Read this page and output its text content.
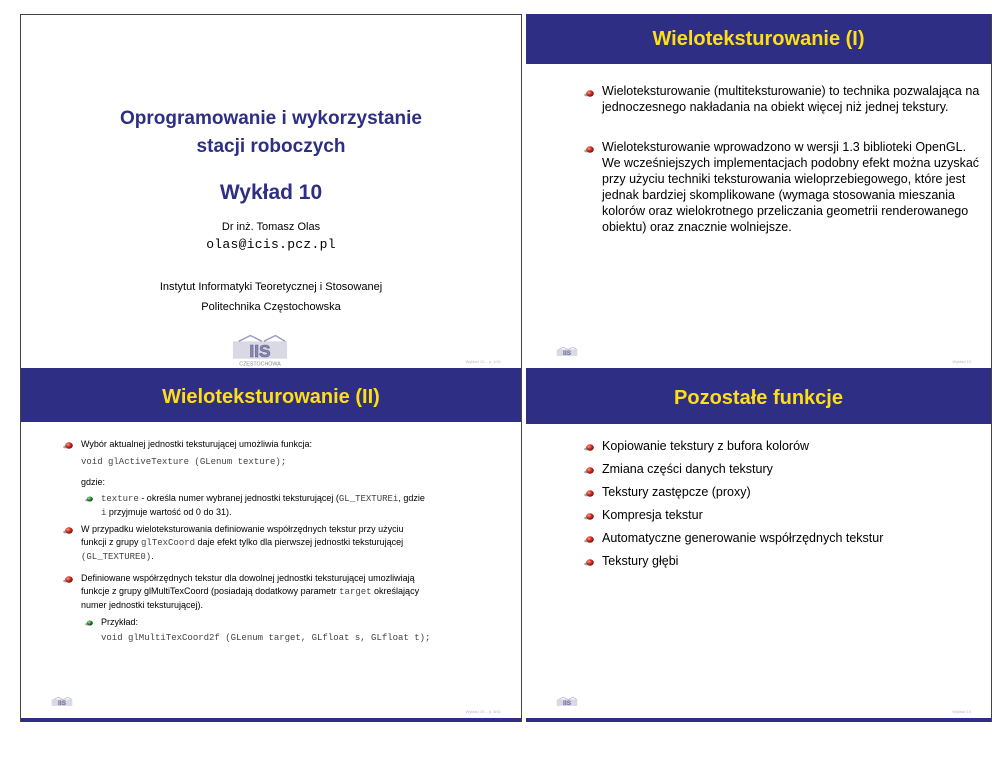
Oprogramowanie i wykorzystanie
stacji roboczych
Wykład 10
Dr inż. Tomasz Olas
olas@icis.pcz.pl
Instytut Informatyki Teoretycznej i Stosowanej
Politechnika Częstochowska
CZĘSTOCHOWA	Wykład 10 – p. 1/41
Wieloteksturowanie (I)
Wieloteksturowanie (multiteksturowanie) to technika pozwalająca na jednoczesnego nakładania na obiekt więcej niż jednej tekstury.
Wieloteksturowanie wprowadzono w wersji 1.3 biblioteki OpenGL. We wcześniejszych implementacjach podobny efekt można uzyskać przy użyciu techniki teksturowania wieloprzebiegowego, które jest jednak bardziej skomplikowane (wymaga stosowania mieszania kolorów oraz wielokrotnego przeliczania geometrii renderowanego obiektu) oraz znacznie wolniejsze.
Wykład 10
Wieloteksturowanie (II)
Wybór aktualnej jednostki teksturującej umożliwia funkcja:
void glActiveTexture (GLenum texture);
gdzie:
texture - określa numer wybranej jednostki teksturującej (GL_TEXTUREi, gdzie
i przyjmuje wartość od 0 do 31).
W przypadku wieloteksturowania definiowanie współrzędnych tekstur przy użyciu
funkcji z grupy glTexCoord daje efekt tylko dla pierwszej jednostki teksturującej
(GL_TEXTURE0).
Definiowane współrzędnych tekstur dla dowolnej jednostki teksturującej umozliwiają
funkcje z grupy glMultiTexCoord (posiadają dodatkowy parametr target określający
numer jednostki teksturującej).
Przykład:
void glMultiTexCoord2f (GLenum target, GLfloat s, GLfloat t);
Wykład 10 – p. 3/41
Pozostałe funkcje
Kopiowanie tekstury z bufora kolorów
Zmiana części danych tekstury
Tekstury zastępcze (proxy)
Kompresja tekstur
Automatyczne generowanie współrzędnych tekstur
Tekstury głębi
Wykład 10
